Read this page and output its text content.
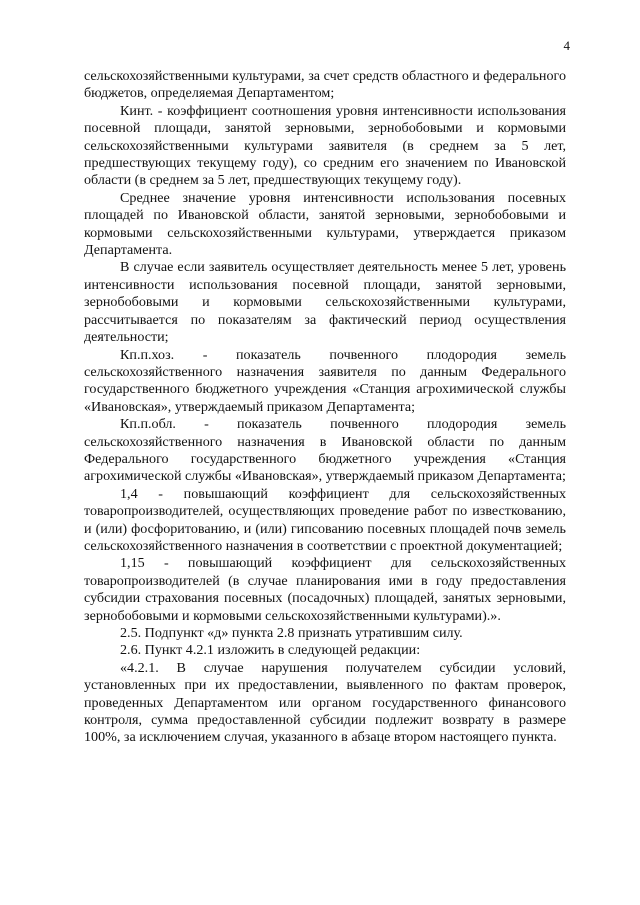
4

сельскохозяйственными культурами, за счет средств областного и федерального бюджетов, определяемая Департаментом;

Кинт. - коэффициент соотношения уровня интенсивности использования посевной площади, занятой зерновыми, зернобобовыми и кормовыми сельскохозяйственными культурами заявителя (в среднем за 5 лет, предшествующих текущему году), со средним его значением по Ивановской области (в среднем за 5 лет, предшествующих текущему году).

Среднее значение уровня интенсивности использования посевных площадей по Ивановской области, занятой зерновыми, зернобобовыми и кормовыми сельскохозяйственными культурами, утверждается приказом Департамента.

В случае если заявитель осуществляет деятельность менее 5 лет, уровень интенсивности использования посевной площади, занятой зерновыми, зернобобовыми и кормовыми сельскохозяйственными культурами, рассчитывается по показателям за фактический период осуществления деятельности;

Кп.п.хоз. - показатель почвенного плодородия земель сельскохозяйственного назначения заявителя по данным Федерального государственного бюджетного учреждения «Станция агрохимической службы «Ивановская», утверждаемый приказом Департамента;

Кп.п.обл. - показатель почвенного плодородия земель сельскохозяйственного назначения в Ивановской области по данным Федерального государственного бюджетного учреждения «Станция агрохимической службы «Ивановская», утверждаемый приказом Департамента;

1,4 - повышающий коэффициент для сельскохозяйственных товаропроизводителей, осуществляющих проведение работ по известкованию, и (или) фосфоритованию, и (или) гипсованию посевных площадей почв земель сельскохозяйственного назначения в соответствии с проектной документацией;

1,15 - повышающий коэффициент для сельскохозяйственных товаропроизводителей (в случае планирования ими в году предоставления субсидии страхования посевных (посадочных) площадей, занятых зерновыми, зернобобовыми и кормовыми сельскохозяйственными культурами).».

2.5. Подпункт «д» пункта 2.8 признать утратившим силу.

2.6. Пункт 4.2.1 изложить в следующей редакции:

«4.2.1. В случае нарушения получателем субсидии условий, установленных при их предоставлении, выявленного по фактам проверок, проведенных Департаментом или органом государственного финансового контроля, сумма предоставленной субсидии подлежит возврату в размере 100%, за исключением случая, указанного в абзаце втором настоящего пункта.
